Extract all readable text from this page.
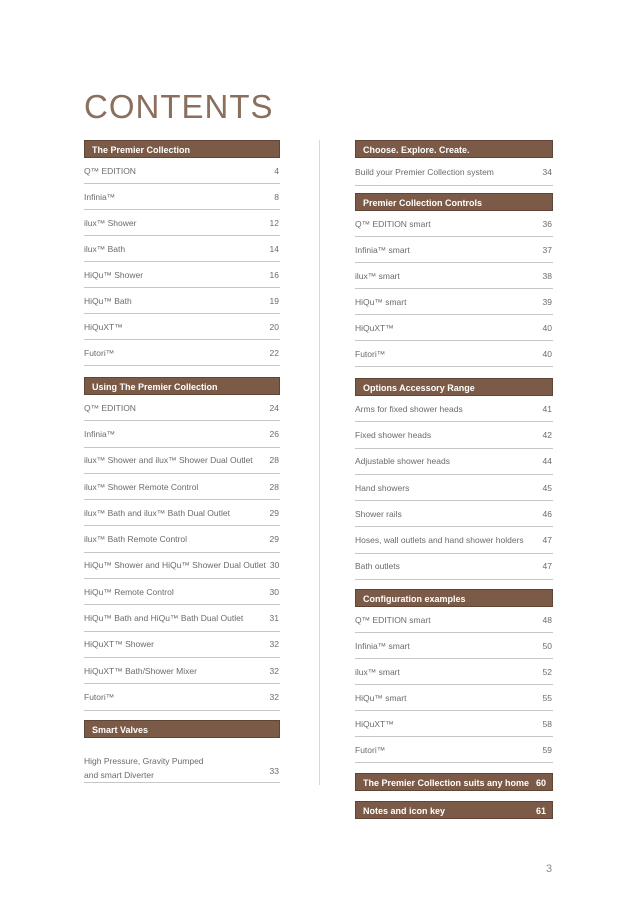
CONTENTS
The Premier Collection
Q™ EDITION	4
Infinia™	8
ilux™ Shower	12
ilux™ Bath	14
HiQu™ Shower	16
HiQu™ Bath	19
HiQuXT™	20
Futori™	22
Using The Premier Collection
Q™ EDITION	24
Infinia™	26
ilux™ Shower and ilux™ Shower Dual Outlet 28
ilux™ Shower Remote Control	28
ilux™ Bath and ilux™ Bath Dual Outlet	29
ilux™ Bath Remote Control	29
HiQu™ Shower and HiQu™ Shower Dual Outlet 30
HiQu™ Remote Control	30
HiQu™ Bath and HiQu™ Bath Dual Outlet	31
HiQuXT™ Shower	32
HiQuXT™ Bath/Shower Mixer	32
Futori™	32
Smart Valves
High Pressure, Gravity Pumped
and smart Diverter	33
Choose. Explore. Create.
Build your Premier Collection system	34
Premier Collection Controls
Q™ EDITION smart	36
Infinia™ smart	37
ilux™ smart	38
HiQu™ smart	39
HiQuXT™	40
Futori™	40
Options Accessory Range
Arms for fixed shower heads	41
Fixed shower heads	42
Adjustable shower heads	44
Hand showers	45
Shower rails	46
Hoses, wall outlets and hand shower holders 47
Bath outlets	47
Configuration examples
Q™ EDITION smart	48
Infinia™ smart	50
ilux™ smart	52
HiQu™ smart	55
HiQuXT™	58
Futori™	59
The Premier Collection suits any home 60
Notes and icon key	61
3
